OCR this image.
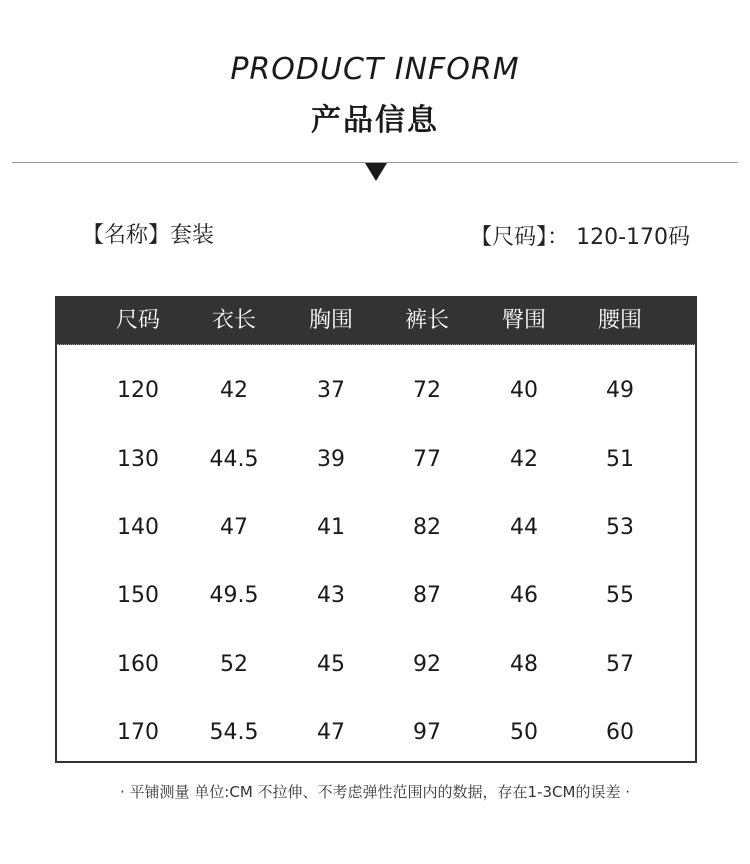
PRODUCT INFORM
产品信息
【名称】套装	【尺码】： 120-170码
尺码	衣长	胸围	裤长	臀围	腰围
120	42	37	72	40	49
130	44.5	39	77	42	51
140	47	41	82	44	53
150	49.5	43	87	46	55
160	52	45	92	48	57
170	54.5	47	97	50	60
· 平铺测量 单位:CM 不拉伸、不考虑弹性范围内的数据，存在1-3CM的误差 ·
